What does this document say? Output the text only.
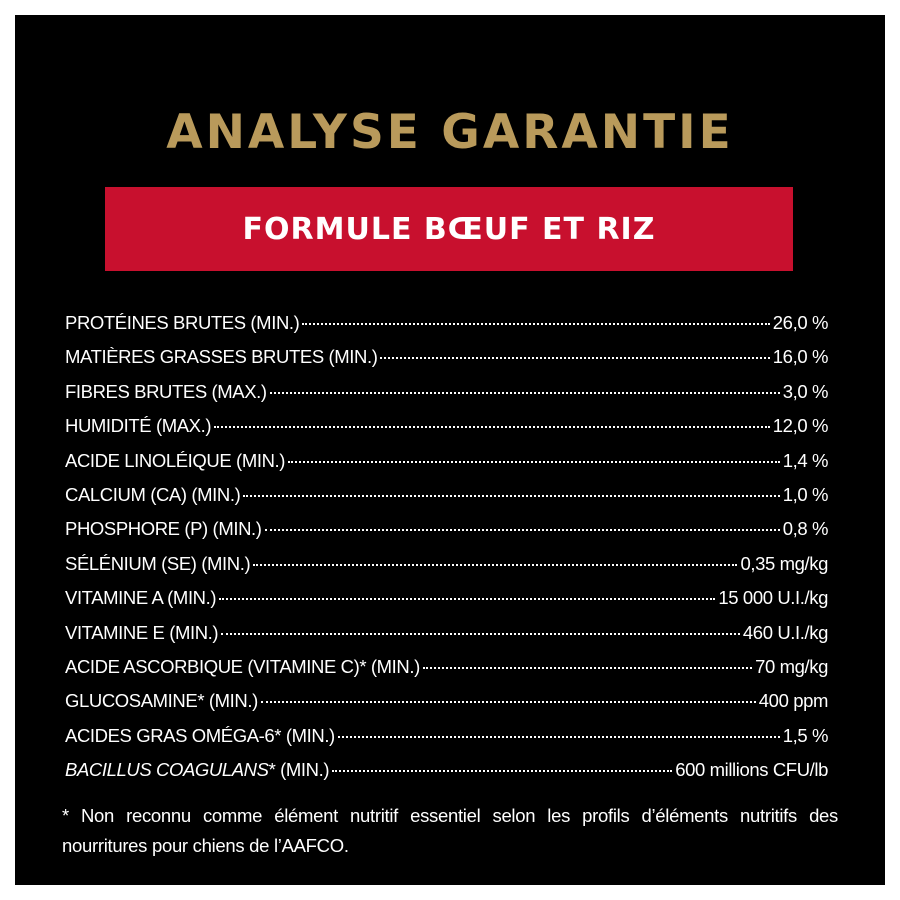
ANALYSE GARANTIE
FORMULE BŒUF ET RIZ
PROTÉINES BRUTES (MIN.)	26,0 %
MATIÈRES GRASSES BRUTES (MIN.)	16,0 %
FIBRES BRUTES (MAX.)	3,0 %
HUMIDITÉ (MAX.)	12,0 %
ACIDE LINOLÉIQUE (MIN.)	1,4 %
CALCIUM (CA) (MIN.)	1,0 %
PHOSPHORE (P) (MIN.)	0,8 %
SÉLÉNIUM (SE) (MIN.)	0,35 mg/kg
VITAMINE A (MIN.)	15 000 U.I./kg
VITAMINE E (MIN.)	460 U.I./kg
ACIDE ASCORBIQUE (VITAMINE C)* (MIN.)	70 mg/kg
GLUCOSAMINE* (MIN.)	400 ppm
ACIDES GRAS OMÉGA-6* (MIN.)	1,5 %
BACILLUS COAGULANS* (MIN.)	600 millions CFU/lb
* Non reconnu comme élément nutritif essentiel selon les profils d’éléments nutritifs des nourritures pour chiens de l’AAFCO.
